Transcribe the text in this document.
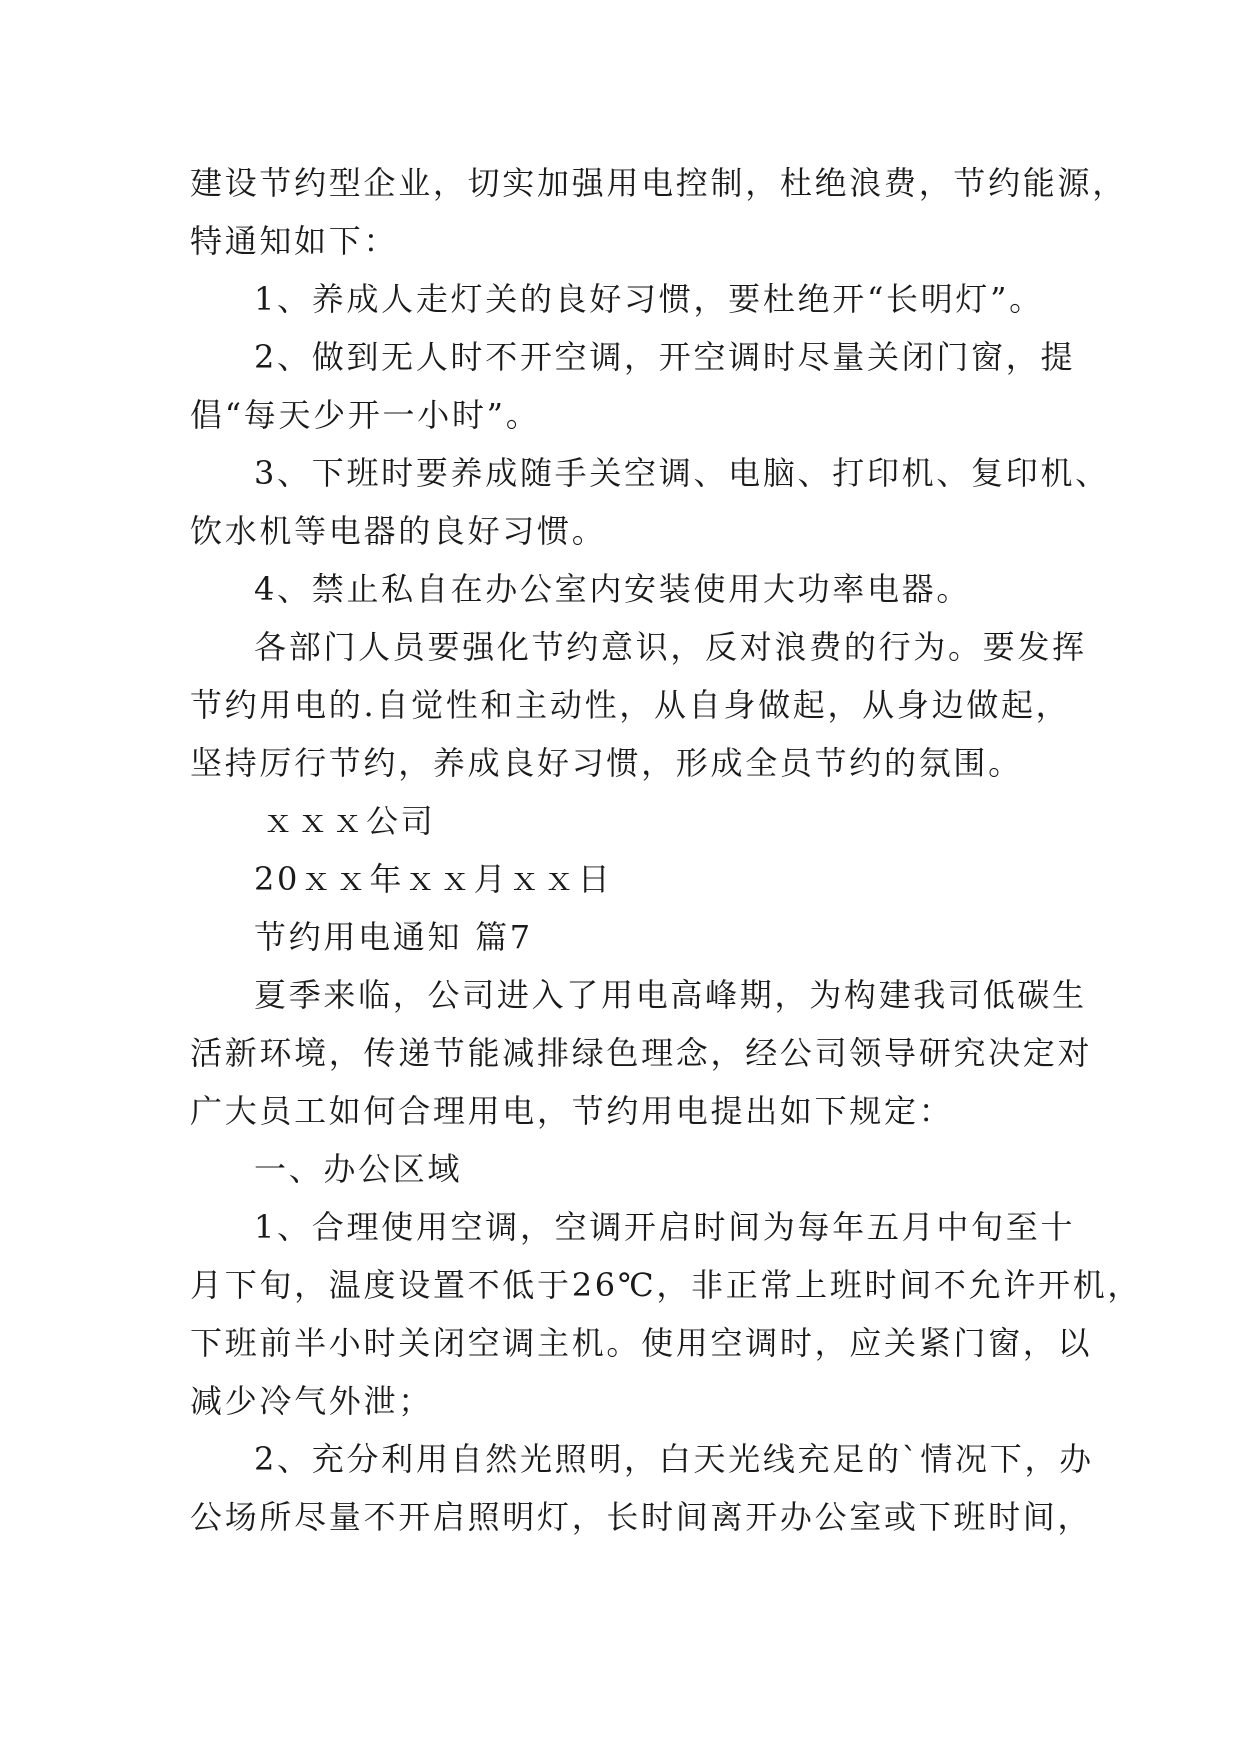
建设节约型企业，切实加强用电控制，杜绝浪费，节约能源，
特通知如下：
1、养成人走灯关的良好习惯，要杜绝开“长明灯”。
2、做到无人时不开空调，开空调时尽量关闭门窗，提
倡“每天少开一小时”。
3、下班时要养成随手关空调、电脑、打印机、复印机、
饮水机等电器的良好习惯。
4、禁止私自在办公室内安装使用大功率电器。
各部门人员要强化节约意识，反对浪费的行为。要发挥
节约用电的.自觉性和主动性，从自身做起，从身边做起，
坚持厉行节约，养成良好习惯，形成全员节约的氛围。
ｘｘｘ公司
20ｘｘ年ｘｘ月ｘｘ日
节约用电通知 篇7
夏季来临，公司进入了用电高峰期，为构建我司低碳生
活新环境，传递节能减排绿色理念，经公司领导研究决定对
广大员工如何合理用电，节约用电提出如下规定：
一、办公区域
1、合理使用空调，空调开启时间为每年五月中旬至十
月下旬，温度设置不低于26℃，非正常上班时间不允许开机，
下班前半小时关闭空调主机。使用空调时，应关紧门窗，以
减少冷气外泄；
2、充分利用自然光照明，白天光线充足的`情况下，办
公场所尽量不开启照明灯，长时间离开办公室或下班时间，
